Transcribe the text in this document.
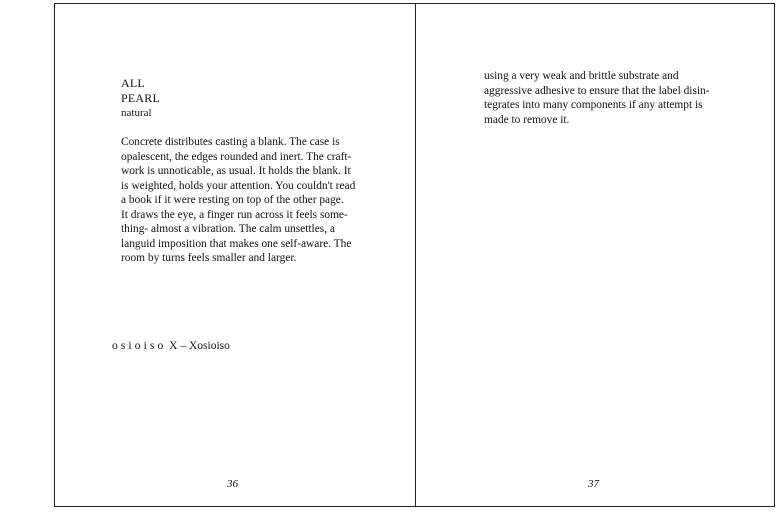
ALL
PEARL
natural

Concrete distributes casting a blank. The case is
opalescent, the edges rounded and inert. The craft-
work is unnoticable, as usual. It holds the blank. It
is weighted, holds your attention. You couldn't read
a book if it were resting on top of the other page.
It draws the eye, a finger run across it feels some-
thing- almost a vibration. The calm unsettles, a
languid imposition that makes one self-aware. The
room by turns feels smaller and larger.

osioiso X – Xosioiso
36

using a very weak and brittle substrate and
aggressive adhesive to ensure that the label disin-
tegrates into many components if any attempt is
made to remove it.

37
